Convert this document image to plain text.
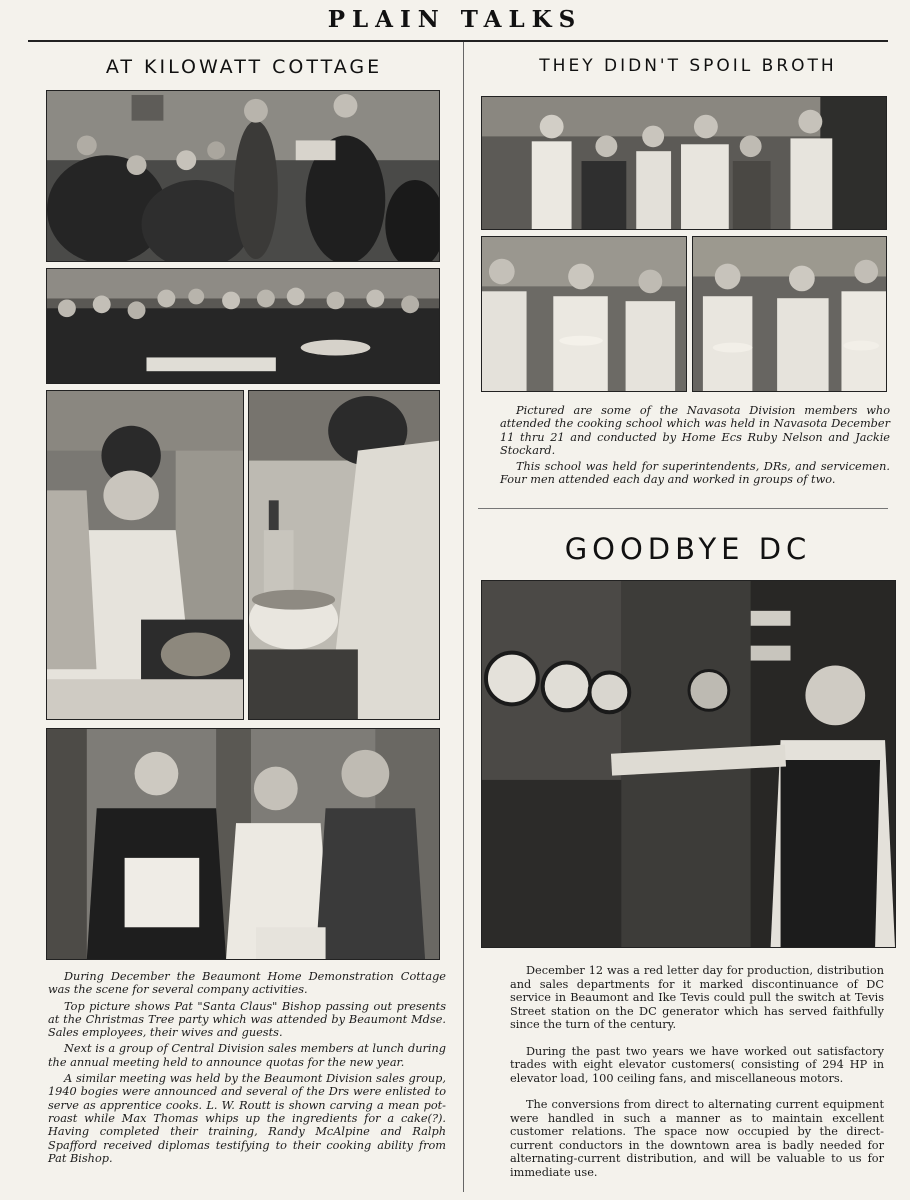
PLAIN TALKS
AT KILOWATT COTTAGE

During December the Beaumont Home Demonstration Cottage was the scene for several company activities.

Top picture shows Pat "Santa Claus" Bishop passing out presents at the Christmas Tree party which was attended by Beaumont Mdse. Sales employees, their wives and guests.

Next is a group of Central Division sales members at lunch during the annual meeting held to announce quotas for the new year.

A similar meeting was held by the Beaumont Division sales group, 1940 bogies were announced and several of the Drs were enlisted to serve as apprentice cooks. L. W. Routt is shown carving a mean pot-roast while Max Thomas whips up the ingredients for a cake(?). Having completed their training, Randy McAlpine and Ralph Spafford received diplomas testifying to their cooking ability from Pat Bishop.

THEY DIDN'T SPOIL BROTH

Pictured are some of the Navasota Division members who attended the cooking school which was held in Navasota December 11 thru 21 and conducted by Home Ecs Ruby Nelson and Jackie Stockard.

This school was held for superintendents, DRs, and servicemen. Four men attended each day and worked in groups of two.

GOODBYE DC

December 12 was a red letter day for production, distribution and sales departments for it marked discontinuance of DC service in Beaumont and Ike Tevis could pull the switch at Tevis Street station on the DC generator which has served faithfully since the turn of the century.

During the past two years we have worked out satisfactory trades with eight elevator customers( consisting of 294 HP in elevator load, 100 ceiling fans, and miscellaneous motors.

The conversions from direct to alternating current equipment were handled in such a manner as to maintain excellent customer relations. The space now occupied by the direct-current conductors in the downtown area is badly needed for alternating-current distribution, and will be valuable to us for immediate use.
